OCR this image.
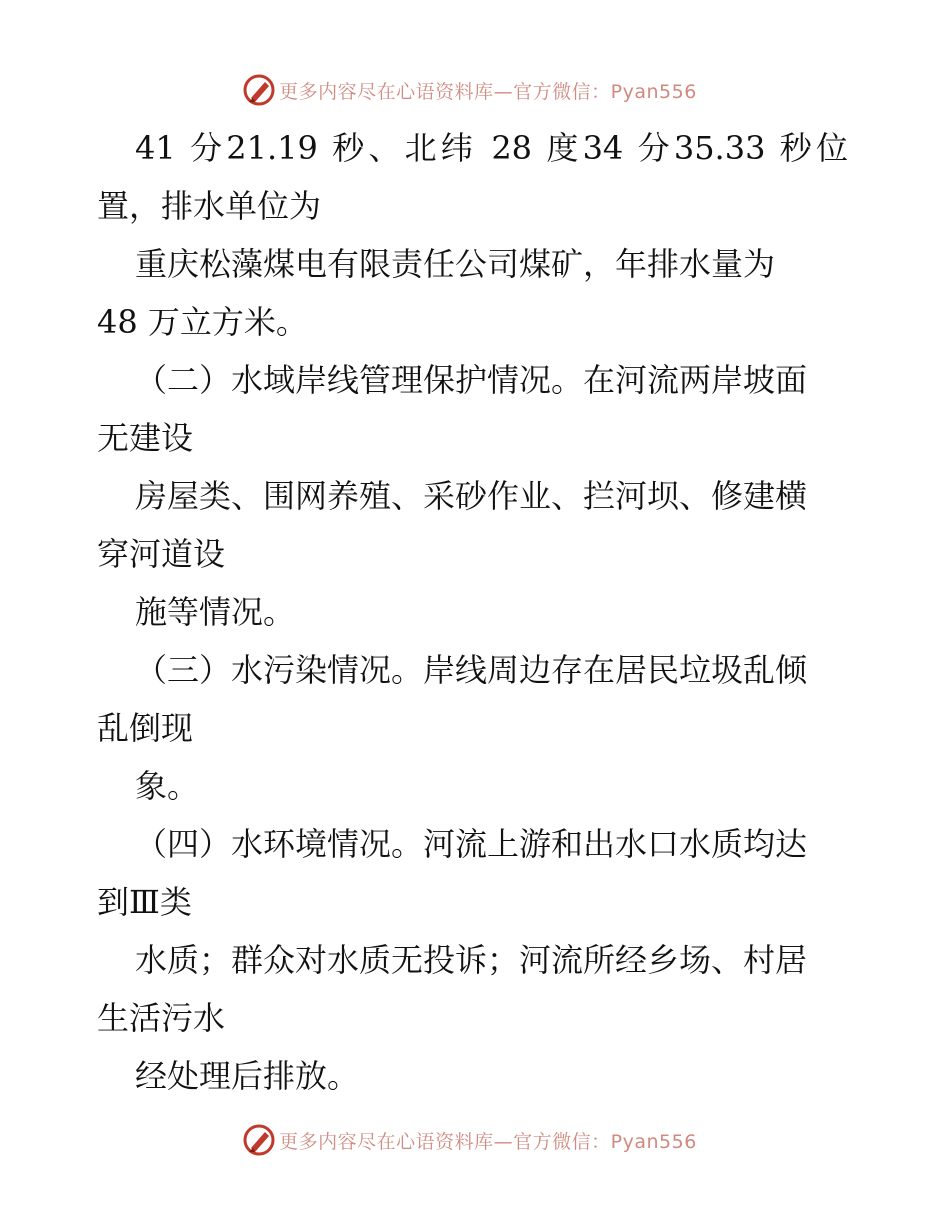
更多内容尽在心语资料库—官方微信：Pyan556
41 分21.19 秒、北纬 28 度34 分35.33 秒位
置，排水单位为
重庆松藻煤电有限责任公司煤矿，年排水量为
48 万立方米。
（二）水域岸线管理保护情况。在河流两岸坡面
无建设
房屋类、围网养殖、采砂作业、拦河坝、修建横
穿河道设
施等情况。
（三）水污染情况。岸线周边存在居民垃圾乱倾
乱倒现
象。
（四）水环境情况。河流上游和出水口水质均达
到Ⅲ类
水质；群众对水质无投诉；河流所经乡场、村居
生活污水
经处理后排放。
更多内容尽在心语资料库—官方微信：Pyan556
